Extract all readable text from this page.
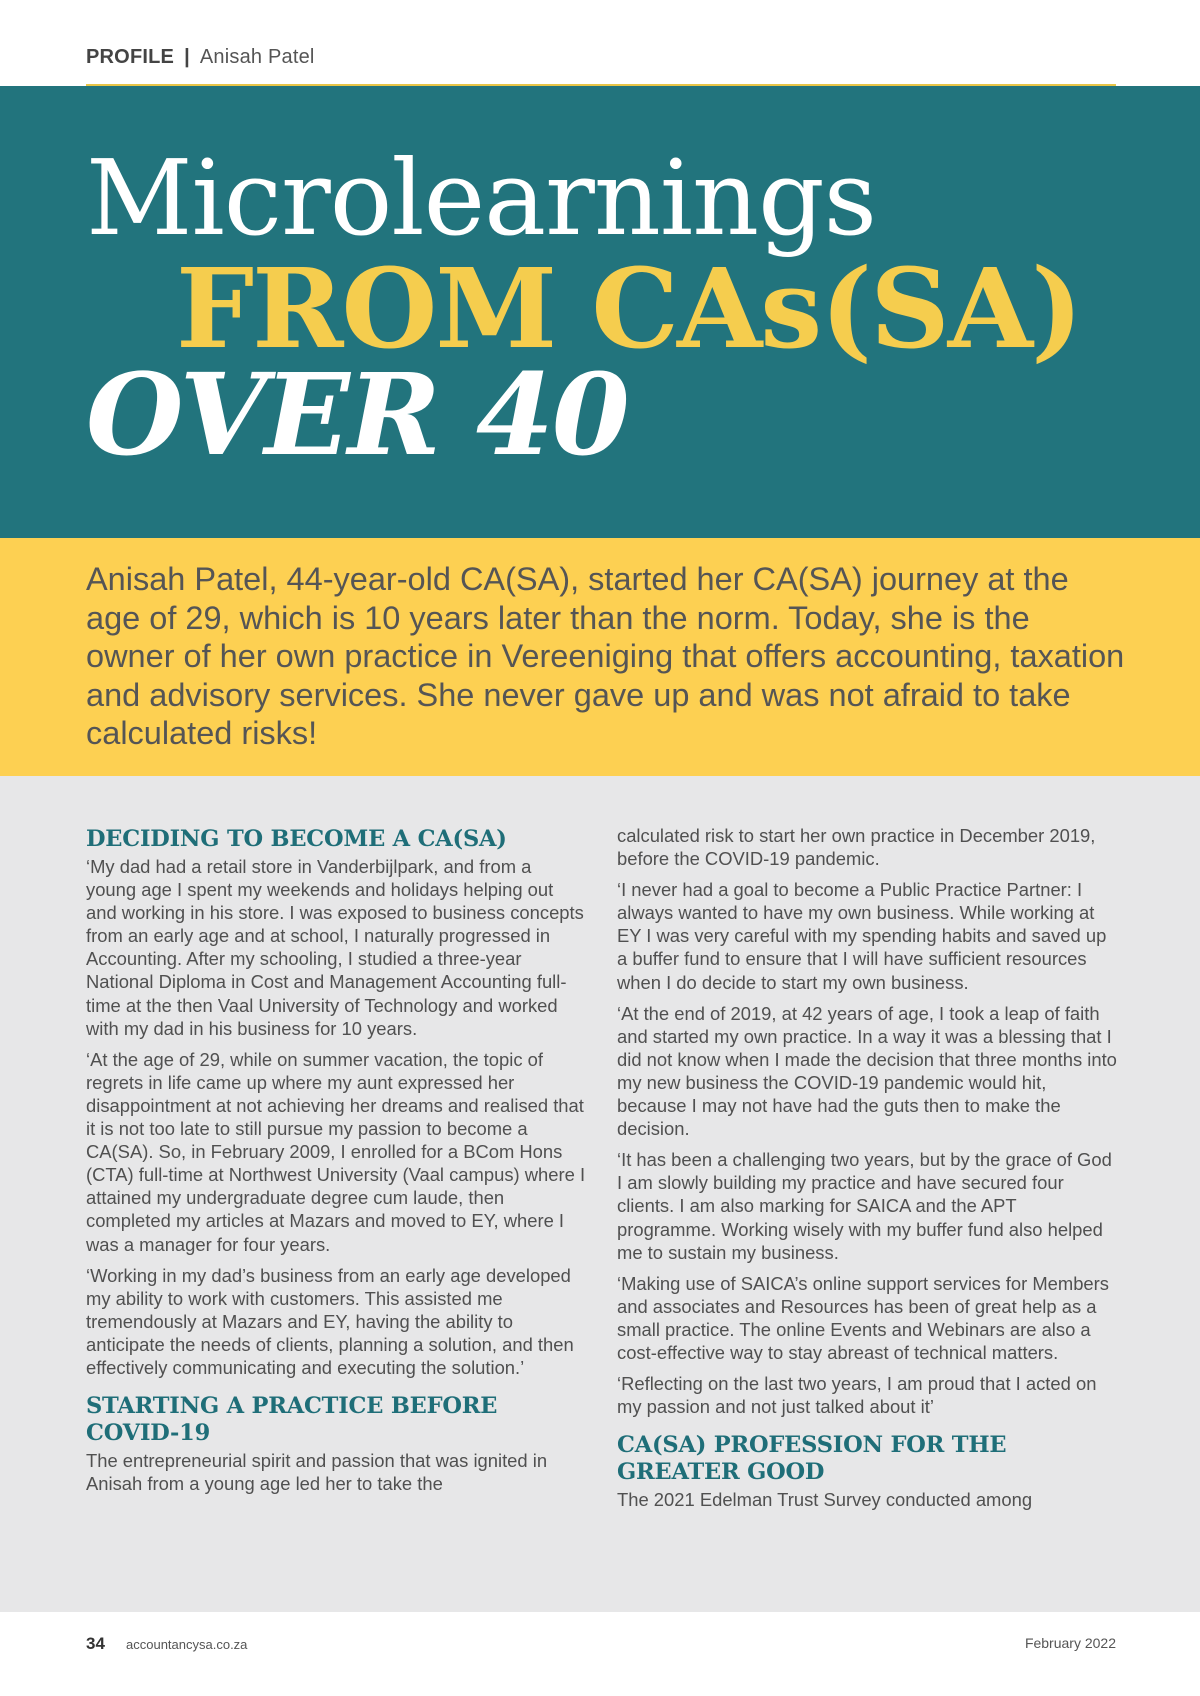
PROFILE | Anisah Patel
Microlearnings
FROM CAs(SA)
OVER 40

Anisah Patel, 44-year-old CA(SA), started her CA(SA) journey at the age of 29, which is 10 years later than the norm. Today, she is the owner of her own practice in Vereeniging that offers accounting, taxation and advisory services. She never gave up and was not afraid to take calculated risks!

DECIDING TO BECOME A CA(SA)

‘My dad had a retail store in Vanderbijlpark, and from a young age I spent my weekends and holidays helping out and working in his store. I was exposed to business concepts from an early age and at school, I naturally progressed in Accounting. After my schooling, I studied a three-year National Diploma in Cost and Management Accounting full-time at the then Vaal University of Technology and worked with my dad in his business for 10 years.

‘At the age of 29, while on summer vacation, the topic of regrets in life came up where my aunt expressed her disappointment at not achieving her dreams and realised that it is not too late to still pursue my passion to become a CA(SA). So, in February 2009, I enrolled for a BCom Hons (CTA) full-time at Northwest University (Vaal campus) where I attained my undergraduate degree cum laude, then completed my articles at Mazars and moved to EY, where I was a manager for four years.

‘Working in my dad’s business from an early age developed my ability to work with customers. This assisted me tremendously at Mazars and EY, having the ability to anticipate the needs of clients, planning a solution, and then effectively communicating and executing the solution.’

STARTING A PRACTICE BEFORE COVID-19

The entrepreneurial spirit and passion that was ignited in Anisah from a young age led her to take the

calculated risk to start her own practice in December 2019, before the COVID-19 pandemic.

‘I never had a goal to become a Public Practice Partner: I always wanted to have my own business. While working at EY I was very careful with my spending habits and saved up a buffer fund to ensure that I will have sufficient resources when I do decide to start my own business.

‘At the end of 2019, at 42 years of age, I took a leap of faith and started my own practice. In a way it was a blessing that I did not know when I made the decision that three months into my new business the COVID-19 pandemic would hit, because I may not have had the guts then to make the decision.

‘It has been a challenging two years, but by the grace of God I am slowly building my practice and have secured four clients. I am also marking for SAICA and the APT programme. Working wisely with my buffer fund also helped me to sustain my business.

‘Making use of SAICA’s online support services for Members and associates and Resources has been of great help as a small practice. The online Events and Webinars are also a cost-effective way to stay abreast of technical matters.

‘Reflecting on the last two years, I am proud that I acted on my passion and not just talked about it’

CA(SA) PROFESSION FOR THE GREATER GOOD

The 2021 Edelman Trust Survey conducted among

34 accountancysa.co.za	February 2022
